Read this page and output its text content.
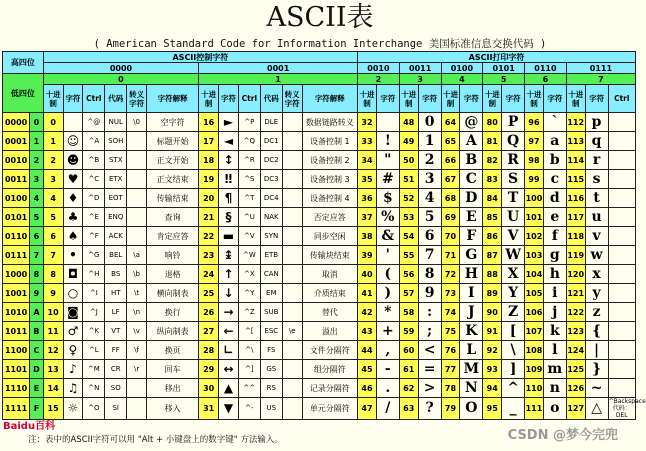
ASCII表
( American Standard Code for Information Interchange 美国标准信息交换代码 )
高四位		ASCII控制字符												ASCII打印字符												
		0000						0001						0010		0011		0100		0101		0110		0111		
低四位		0						1						2		3		4		5		6		7		
		十进制	字符	Ctrl	代码	转义字符	字符解释	十进制	字符	Ctrl	代码	转义字符	字符解释	十进制	字符	十进制	字符	十进制	字符	十进制	字符	十进制	字符	十进制	字符	Ctrl
0000	0	0		^@	NUL	\0	空字符	16	►	^P	DLE		数据链路转义	32		48	0	64	@	80	P	96	`	112	p	
0001	1	1	☺	^A	SOH		标题开始	17	◄	^Q	DC1		设备控制 1	33	!	49	1	65	A	81	Q	97	a	113	q	
0010	2	2	☻	^B	STX		正文开始	18	↕	^R	DC2		设备控制 2	34	"	50	2	66	B	82	R	98	b	114	r	
0011	3	3	♥	^C	ETX		正文结束	19	‼	^S	DC3		设备控制 3	35	#	51	3	67	C	83	S	99	c	115	s	
0100	4	4	♦	^D	EOT		传输结束	20	¶	^T	DC4		设备控制 4	36	$	52	4	68	D	84	T	100	d	116	t	
0101	5	5	♣	^E	ENQ		查询	21	§	^U	NAK		否定应答	37	%	53	5	69	E	85	U	101	e	117	u	
0110	6	6	♠	^F	ACK		肯定应答	22	▬	^V	SYN		同步空闲	38	&	54	6	70	F	86	V	102	f	118	v	
0111	7	7	•	^G	BEL	\a	响铃	23	↨	^W	ETB		传输块结束	39	'	55	7	71	G	87	W	103	g	119	w	
1000	8	8	◘	^H	BS	\b	退格	24	↑	^X	CAN		取消	40	(	56	8	72	H	88	X	104	h	120	x	
1001	9	9	○	^I	HT	\t	横向制表	25	↓	^Y	EM		介质结束	41	)	57	9	73	I	89	Y	105	i	121	y	
1010	A	10	◙	^J	LF	\n	换行	26	→	^Z	SUB		替代	42	*	58	:	74	J	90	Z	106	j	122	z	
1011	B	11	♂	^K	VT	\v	纵向制表	27	←	^[	ESC	\e	溢出	43	+	59	;	75	K	91	[	107	k	123	{	
1100	C	12	♀	^L	FF	\f	换页	28	∟	^\	FS		文件分隔符	44	,	60	<	76	L	92	\	108	l	124	|	
1101	D	13	♪	^M	CR	\r	回车	29	↔	^]	GS		组分隔符	45	-	61	=	77	M	93	]	109	m	125	}	
1110	E	14	♫	^N	SO		移出	30	▲	^^	RS		记录分隔符	46	.	62	>	78	N	94	^	110	n	126	~	
1111	F	15	☼	^O	SI		移入	31	▼	^-	US		单元分隔符	47	/	63	?	79	O	95	_	111	o	127	△	^Backspace
代码：DEL
Baidu百科
注：表中的ASCII字符可以用 "Alt + 小键盘上的数字键" 方法输入。	CSDN @梦今完兜
